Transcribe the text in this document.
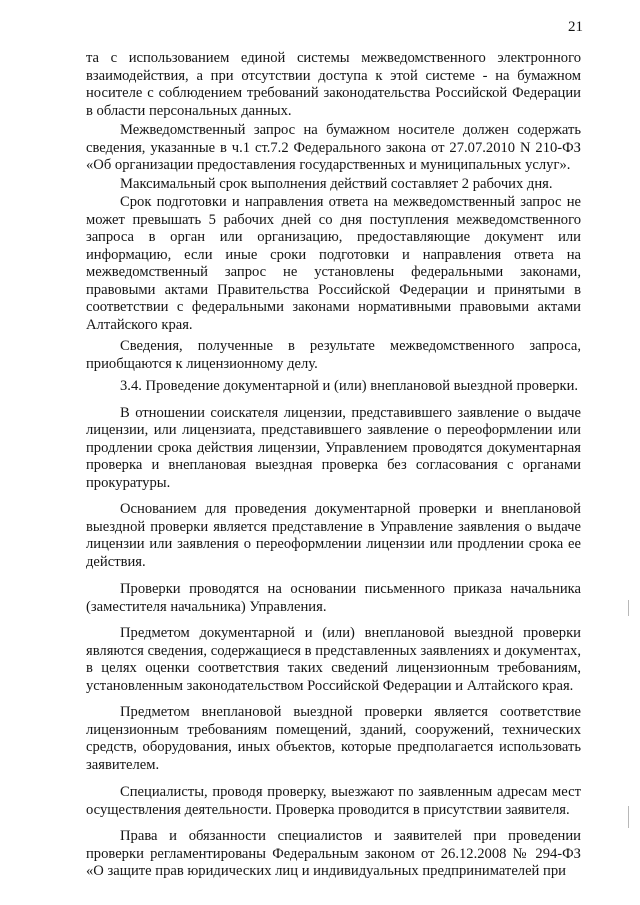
21

та с использованием единой системы межведомственного электронного взаимодействия, а при отсутствии доступа к этой системе - на бумажном носителе с соблюдением требований законодательства Российской Федерации в области персональных данных.

Межведомственный запрос на бумажном носителе должен содержать сведения, указанные в ч.1 ст.7.2 Федерального закона от 27.07.2010 N 210-ФЗ «Об организации предоставления государственных и муниципальных услуг».

Максимальный срок выполнения действий составляет 2 рабочих дня.

Срок подготовки и направления ответа на межведомственный запрос не может превышать 5 рабочих дней со дня поступления межведомственного запроса в орган или организацию, предоставляющие документ или информацию, если иные сроки подготовки и направления ответа на межведомственный запрос не установлены федеральными законами, правовыми актами Правительства Российской Федерации и принятыми в соответствии с федеральными законами нормативными правовыми актами Алтайского края.

Сведения, полученные в результате межведомственного запроса, приобщаются к лицензионному делу.

3.4. Проведение документарной и (или) внеплановой выездной проверки.

В отношении соискателя лицензии, представившего заявление о выдаче лицензии, или лицензиата, представившего заявление о переоформлении или продлении срока действия лицензии, Управлением проводятся документарная проверка и внеплановая выездная проверка без согласования с органами прокуратуры.

Основанием для проведения документарной проверки и внеплановой выездной проверки является представление в Управление заявления о выдаче лицензии или заявления о переоформлении лицензии или продлении срока ее действия.

Проверки проводятся на основании письменного приказа начальника (заместителя начальника) Управления.

Предметом документарной и (или) внеплановой выездной проверки являются сведения, содержащиеся в представленных заявлениях и документах, в целях оценки соответствия таких сведений лицензионным требованиям, установленным законодательством Российской Федерации и Алтайского края.

Предметом внеплановой выездной проверки является соответствие лицензионным требованиям помещений, зданий, сооружений, технических средств, оборудования, иных объектов, которые предполагается использовать заявителем.

Специалисты, проводя проверку, выезжают по заявленным адресам мест осуществления деятельности. Проверка проводится в присутствии заявителя.

Права и обязанности специалистов и заявителей при проведении проверки регламентированы Федеральным законом от 26.12.2008 № 294-ФЗ «О защите прав юридических лиц и индивидуальных предпринимателей при
